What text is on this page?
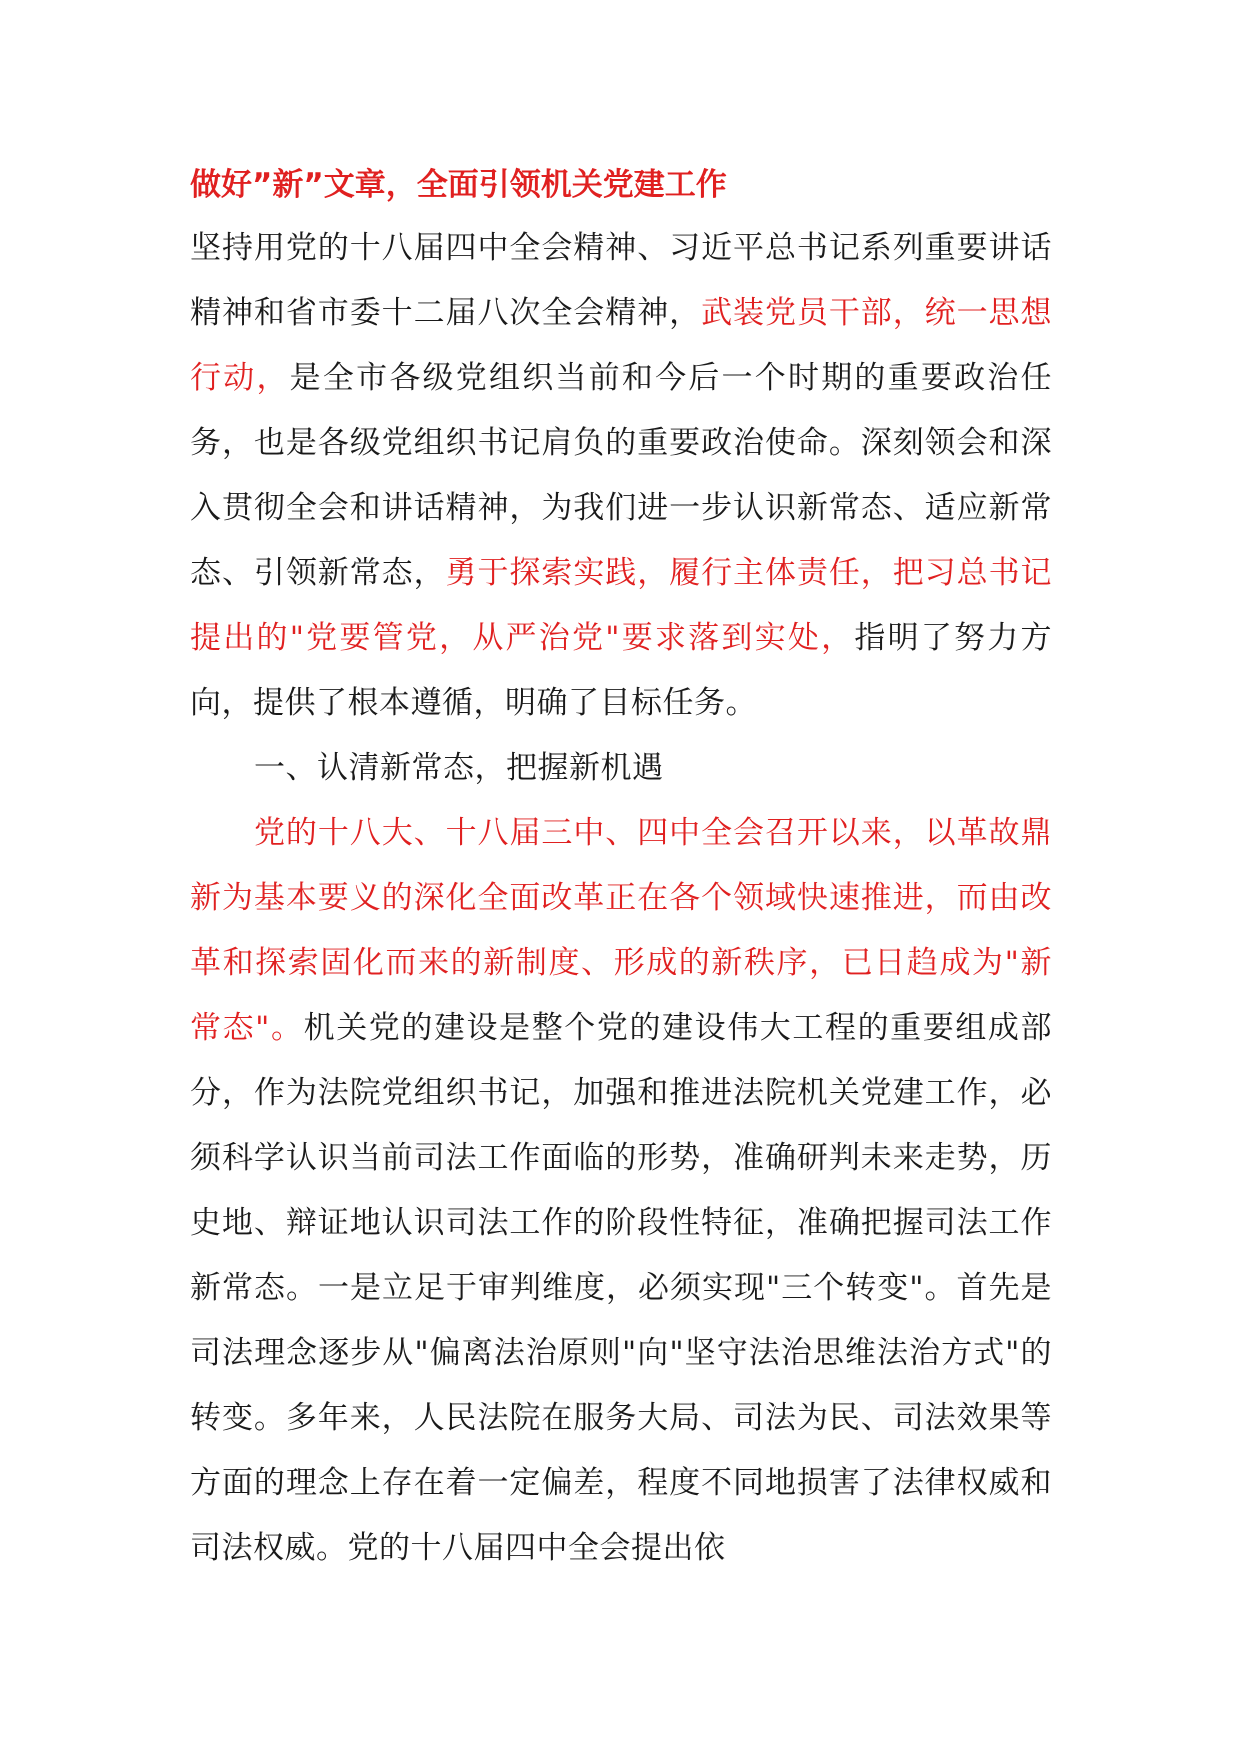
做好”新”文章，全面引领机关党建工作

坚持用党的十八届四中全会精神、习近平总书记系列重要讲话精神和省市委十二届八次全会精神，武装党员干部，统一思想行动，是全市各级党组织当前和今后一个时期的重要政治任务，也是各级党组织书记肩负的重要政治使命。深刻领会和深入贯彻全会和讲话精神，为我们进一步认识新常态、适应新常态、引领新常态，勇于探索实践，履行主体责任，把习总书记提出的"党要管党，从严治党"要求落到实处，指明了努力方向，提供了根本遵循，明确了目标任务。

一、认清新常态，把握新机遇

党的十八大、十八届三中、四中全会召开以来，以革故鼎新为基本要义的深化全面改革正在各个领域快速推进，而由改革和探索固化而来的新制度、形成的新秩序，已日趋成为"新常态"。机关党的建设是整个党的建设伟大工程的重要组成部分，作为法院党组织书记，加强和推进法院机关党建工作，必须科学认识当前司法工作面临的形势，准确研判未来走势，历史地、辩证地认识司法工作的阶段性特征，准确把握司法工作新常态。一是立足于审判维度，必须实现"三个转变"。首先是司法理念逐步从"偏离法治原则"向"坚守法治思维法治方式"的转变。多年来，人民法院在服务大局、司法为民、司法效果等方面的理念上存在着一定偏差，程度不同地损害了法律权威和司法权威。党的十八届四中全会提出依
